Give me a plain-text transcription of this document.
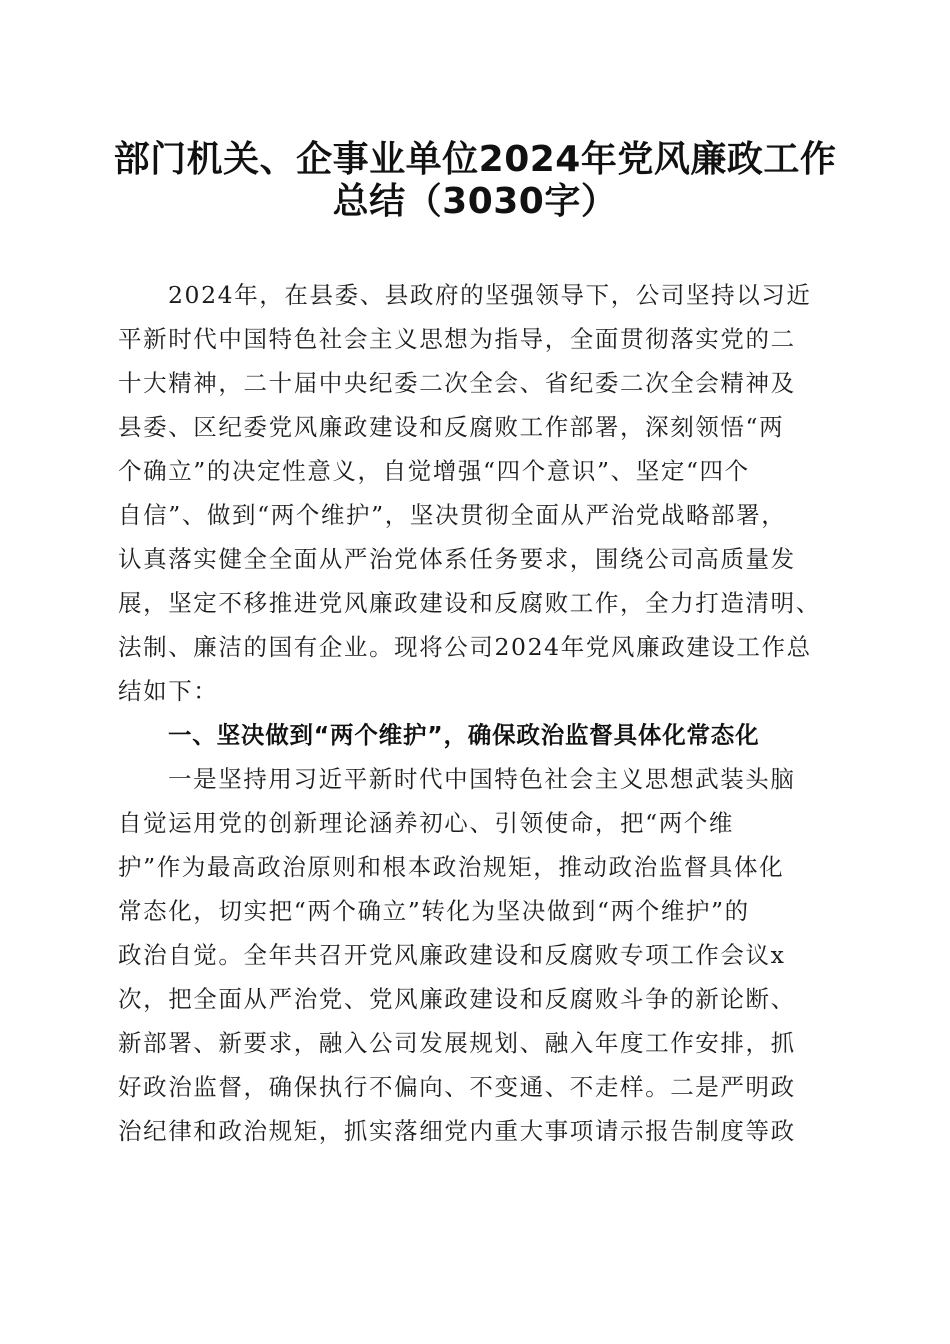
部门机关、企事业单位2024年党风廉政工作
总结（3030字）
2024年，在县委、县政府的坚强领导下，公司坚持以习近
平新时代中国特色社会主义思想为指导，全面贯彻落实党的二
十大精神，二十届中央纪委二次全会、省纪委二次全会精神及
县委、区纪委党风廉政建设和反腐败工作部署，深刻领悟“两
个确立”的决定性意义，自觉增强“四个意识”、坚定“四个
自信”、做到“两个维护”，坚决贯彻全面从严治党战略部署，
认真落实健全全面从严治党体系任务要求，围绕公司高质量发
展，坚定不移推进党风廉政建设和反腐败工作，全力打造清明、
法制、廉洁的国有企业。现将公司2024年党风廉政建设工作总
结如下：
一、坚决做到“两个维护”，确保政治监督具体化常态化
一是坚持用习近平新时代中国特色社会主义思想武装头脑
自觉运用党的创新理论涵养初心、引领使命，把“两个维
护”作为最高政治原则和根本政治规矩，推动政治监督具体化
常态化，切实把“两个确立”转化为坚决做到“两个维护”的
政治自觉。全年共召开党风廉政建设和反腐败专项工作会议x
次，把全面从严治党、党风廉政建设和反腐败斗争的新论断、
新部署、新要求，融入公司发展规划、融入年度工作安排，抓
好政治监督，确保执行不偏向、不变通、不走样。二是严明政
治纪律和政治规矩，抓实落细党内重大事项请示报告制度等政
